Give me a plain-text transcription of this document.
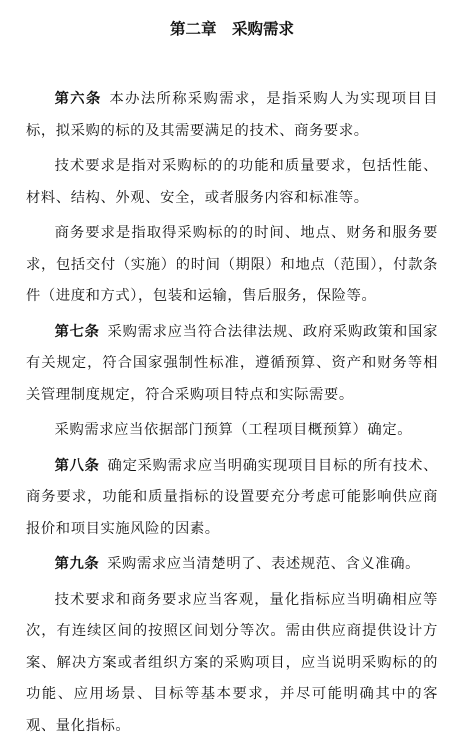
第二章　采购需求

第六条 本办法所称采购需求，是指采购人为实现项目目标，拟采购的标的及其需要满足的技术、商务要求。

技术要求是指对采购标的的功能和质量要求，包括性能、材料、结构、外观、安全，或者服务内容和标准等。

商务要求是指取得采购标的的时间、地点、财务和服务要求，包括交付（实施）的时间（期限）和地点（范围），付款条件（进度和方式），包装和运输，售后服务，保险等。

第七条 采购需求应当符合法律法规、政府采购政策和国家有关规定，符合国家强制性标准，遵循预算、资产和财务等相关管理制度规定，符合采购项目特点和实际需要。

采购需求应当依据部门预算（工程项目概预算）确定。

第八条 确定采购需求应当明确实现项目目标的所有技术、商务要求，功能和质量指标的设置要充分考虑可能影响供应商报价和项目实施风险的因素。

第九条 采购需求应当清楚明了、表述规范、含义准确。

技术要求和商务要求应当客观，量化指标应当明确相应等次，有连续区间的按照区间划分等次。需由供应商提供设计方案、解决方案或者组织方案的采购项目，应当说明采购标的的功能、应用场景、目标等基本要求，并尽可能明确其中的客观、量化指标。
